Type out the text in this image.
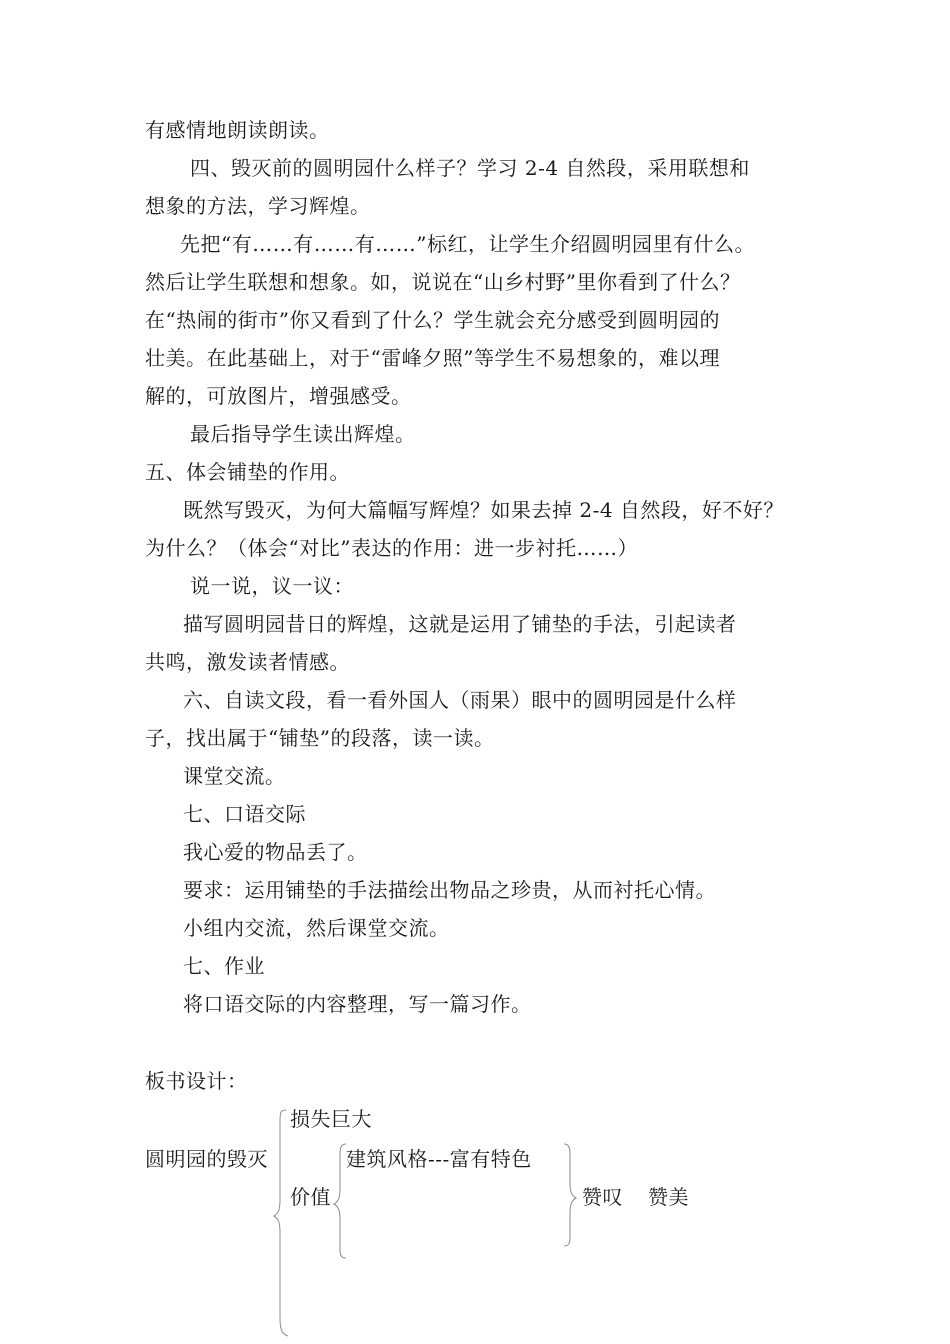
有感情地朗读朗读。
四、毁灭前的圆明园什么样子？学习 2-4 自然段，采用联想和
想象的方法，学习辉煌。
先把“有……有……有……”标红，让学生介绍圆明园里有什么。
然后让学生联想和想象。如，说说在“山乡村野”里你看到了什么？
在“热闹的街市”你又看到了什么？学生就会充分感受到圆明园的
壮美。在此基础上，对于“雷峰夕照”等学生不易想象的，难以理
解的，可放图片，增强感受。
最后指导学生读出辉煌。
五、体会铺垫的作用。
既然写毁灭，为何大篇幅写辉煌？如果去掉 2-4 自然段，好不好？
为什么？（体会“对比”表达的作用：进一步衬托……）
说一说，议一议：
描写圆明园昔日的辉煌，这就是运用了铺垫的手法，引起读者
共鸣，激发读者情感。
六、自读文段，看一看外国人（雨果）眼中的圆明园是什么样
子，找出属于“铺垫”的段落，读一读。
课堂交流。
七、口语交际
我心爱的物品丢了。
要求：运用铺垫的手法描绘出物品之珍贵，从而衬托心情。
小组内交流，然后课堂交流。
七、作业
将口语交际的内容整理，写一篇习作。
板书设计：
圆明园的毁灭
损失巨大
价值
建筑风格---富有特色
赞叹 赞美
